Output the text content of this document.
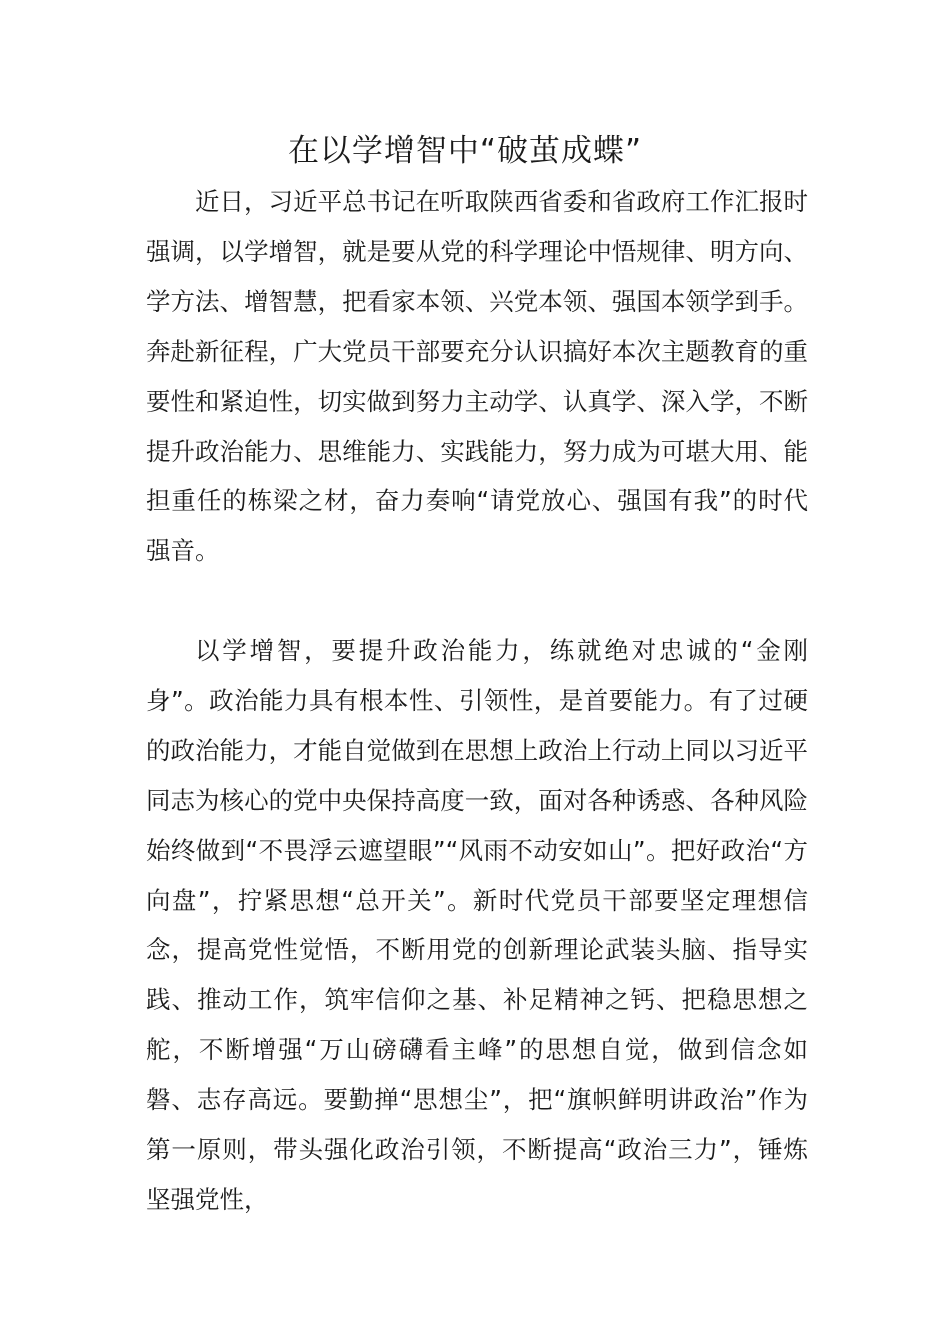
在以学增智中“破茧成蝶”

近日，习近平总书记在听取陕西省委和省政府工作汇报时强调，以学增智，就是要从党的科学理论中悟规律、明方向、学方法、增智慧，把看家本领、兴党本领、强国本领学到手。奔赴新征程，广大党员干部要充分认识搞好本次主题教育的重要性和紧迫性，切实做到努力主动学、认真学、深入学，不断提升政治能力、思维能力、实践能力，努力成为可堪大用、能担重任的栋梁之材，奋力奏响“请党放心、强国有我”的时代强音。

以学增智，要提升政治能力，练就绝对忠诚的“金刚身”。政治能力具有根本性、引领性，是首要能力。有了过硬的政治能力，才能自觉做到在思想上政治上行动上同以习近平同志为核心的党中央保持高度一致，面对各种诱惑、各种风险始终做到“不畏浮云遮望眼”“风雨不动安如山”。把好政治“方向盘”，拧紧思想“总开关”。新时代党员干部要坚定理想信念，提高党性觉悟，不断用党的创新理论武装头脑、指导实践、推动工作，筑牢信仰之基、补足精神之钙、把稳思想之舵，不断增强“万山磅礴看主峰”的思想自觉，做到信念如磐、志存高远。要勤掸“思想尘”，把“旗帜鲜明讲政治”作为第一原则，带头强化政治引领，不断提高“政治三力”，锤炼坚强党性，
